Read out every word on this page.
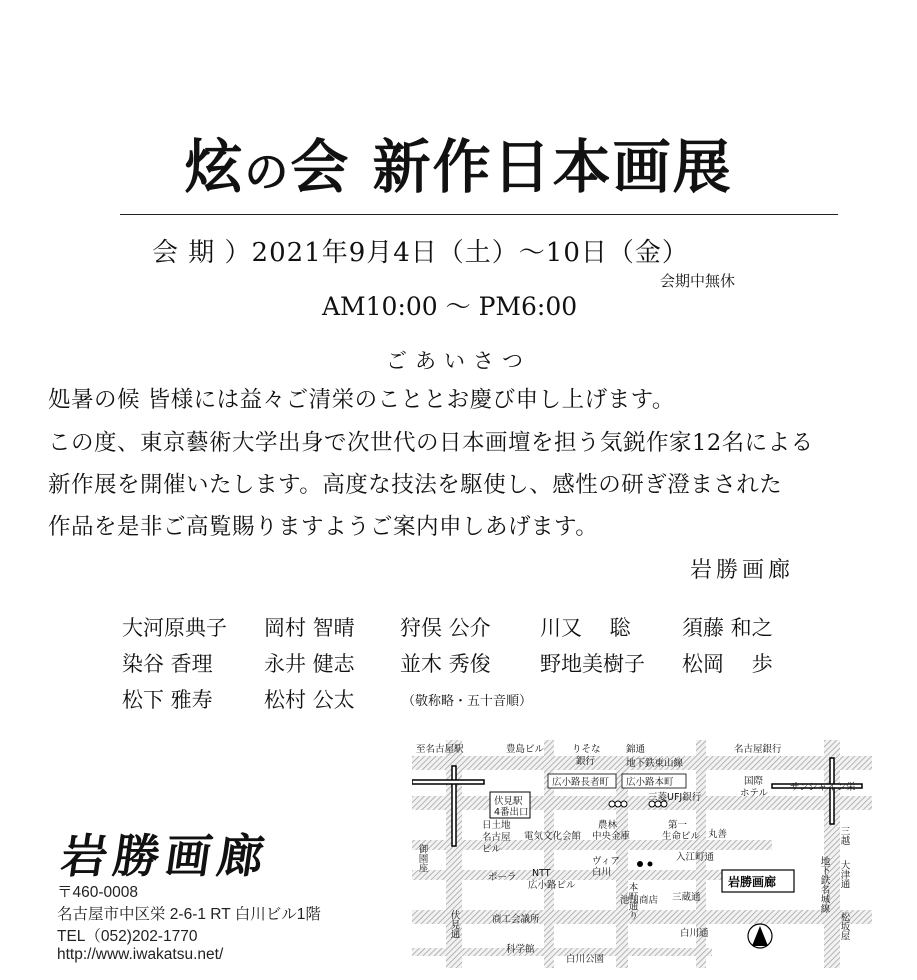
炫の会 新作日本画展
会 期 ）2021年9月4日（土）〜10日（金）
会期中無休
AM10:00 〜 PM6:00
ごあいさつ
処暑の候 皆様には益々ご清栄のこととお慶び申し上げます。
この度、東京藝術大学出身で次世代の日本画壇を担う気鋭作家12名による
新作展を開催いたします。高度な技法を駆使し、感性の研ぎ澄まされた
作品を是非ご高覧賜りますようご案内申しあげます。
岩勝画廊
大河原典子 岡村 智晴 狩俣 公介 川又　 聡 須藤 和之
染谷 香理 永井 健志 並木 秀俊 野地美樹子 松岡　 歩
松下 雅寿 松村 公太	（敬称略・五十音順）
岩勝画廊
〒460-0008
名古屋市中区栄 2-6-1 RT 白川ビル1階
TEL（052)202-1770
http://www.iwakatsu.net/
至名古屋駅	豊島ビル	りそな
銀行
錦通	名古屋銀行
地下鉄東山線
伏見駅
4番出口
広小路長者町 広小路本町
三菱UFJ銀行
国際
ホテル
サンシャイン栄
日土地
名古屋
ビル
電気文化会館
農林
中央金庫
第一
生命ビル 丸善
御園座
ポーラ NTT
広小路ビル
ヴィア
白川
入江町通
池田商店
本町通り	三蔵通
商工会議所
伏見通	白川通
科学館
白川公園
三越
大津通
地下鉄名城線
松坂屋
岩勝画廊
